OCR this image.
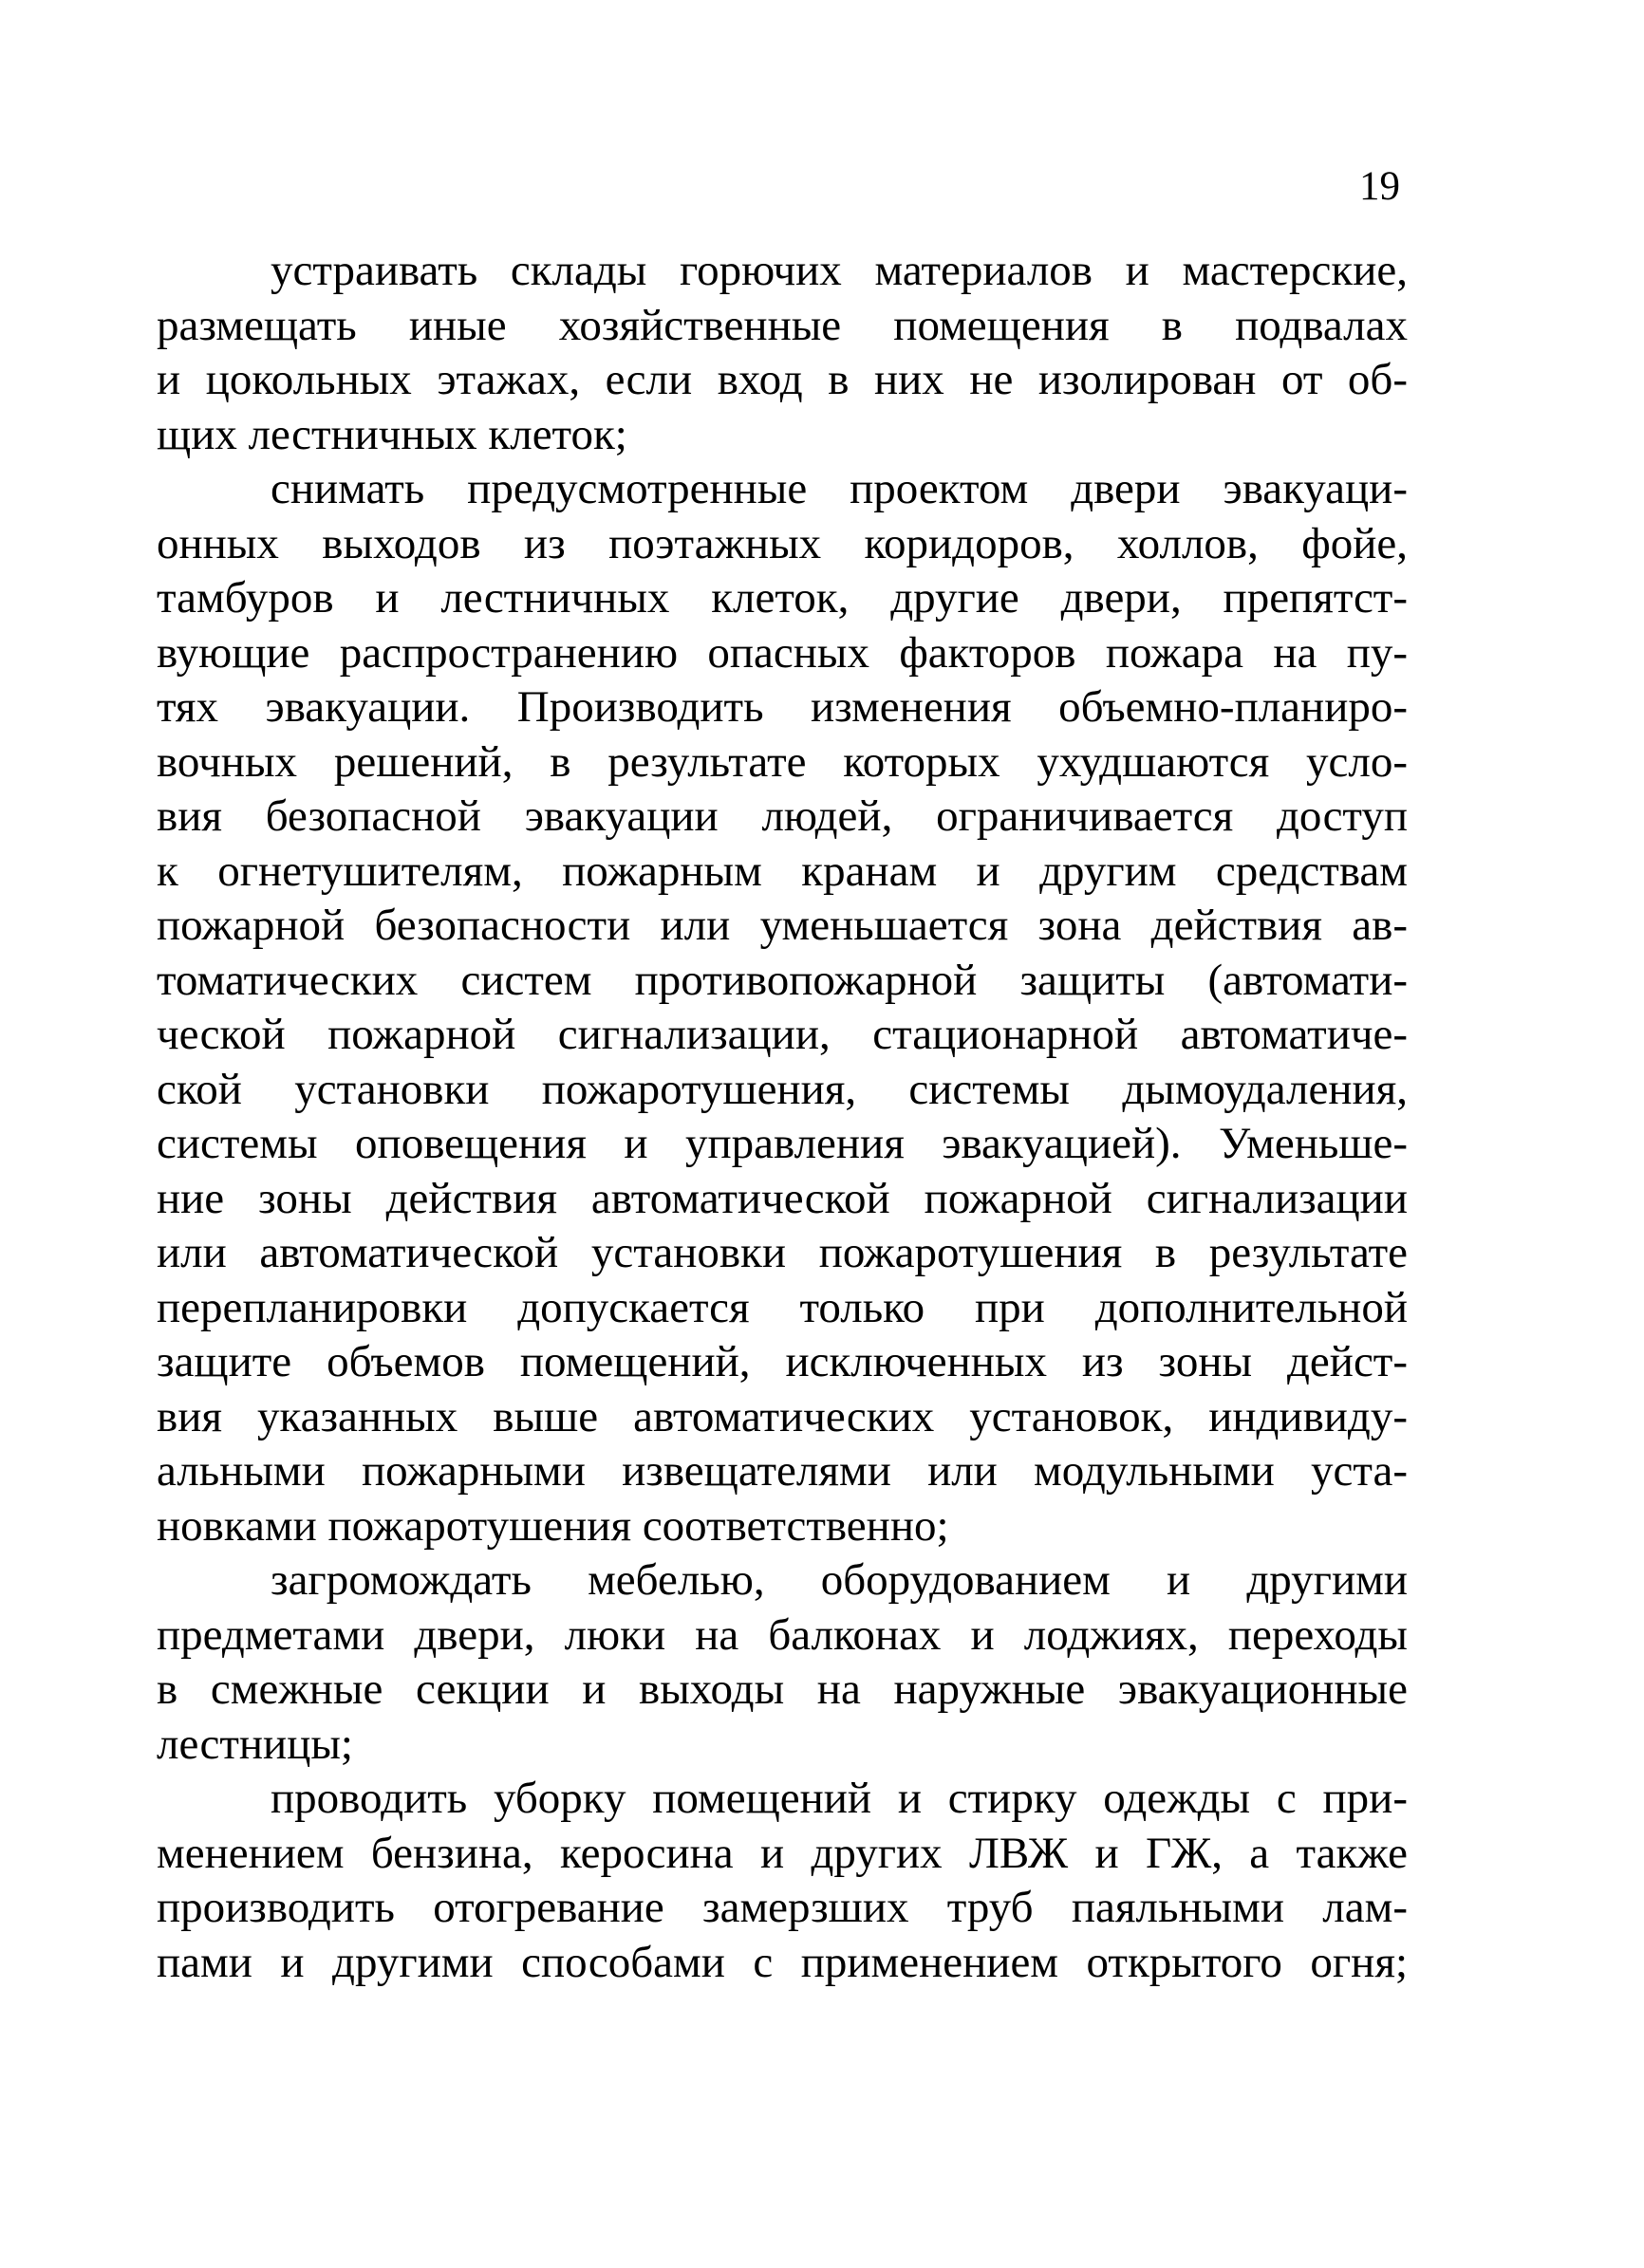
19
устраивать склады горючих материалов и мастерские,
размещать иные хозяйственные помещения в подвалах
и цокольных этажах, если вход в них не изолирован от об-
щих лестничных клеток;
снимать предусмотренные проектом двери эвакуаци-
онных выходов из поэтажных коридоров, холлов, фойе,
тамбуров и лестничных клеток, другие двери, препятст-
вующие распространению опасных факторов пожара на пу-
тях эвакуации. Производить изменения объемно-планиро-
вочных решений, в результате которых ухудшаются усло-
вия безопасной эвакуации людей, ограничивается доступ
к огнетушителям, пожарным кранам и другим средствам
пожарной безопасности или уменьшается зона действия ав-
томатических систем противопожарной защиты (автомати-
ческой пожарной сигнализации, стационарной автоматиче-
ской установки пожаротушения, системы дымоудаления,
системы оповещения и управления эвакуацией). Уменьше-
ние зоны действия автоматической пожарной сигнализации
или автоматической установки пожаротушения в результате
перепланировки допускается только при дополнительной
защите объемов помещений, исключенных из зоны дейст-
вия указанных выше автоматических установок, индивиду-
альными пожарными извещателями или модульными уста-
новками пожаротушения соответственно;
загромождать мебелью, оборудованием и другими
предметами двери, люки на балконах и лоджиях, переходы
в смежные секции и выходы на наружные эвакуационные
лестницы;
проводить уборку помещений и стирку одежды с при-
менением бензина, керосина и других ЛВЖ и ГЖ, а также
производить отогревание замерзших труб паяльными лам-
пами и другими способами с применением открытого огня;
